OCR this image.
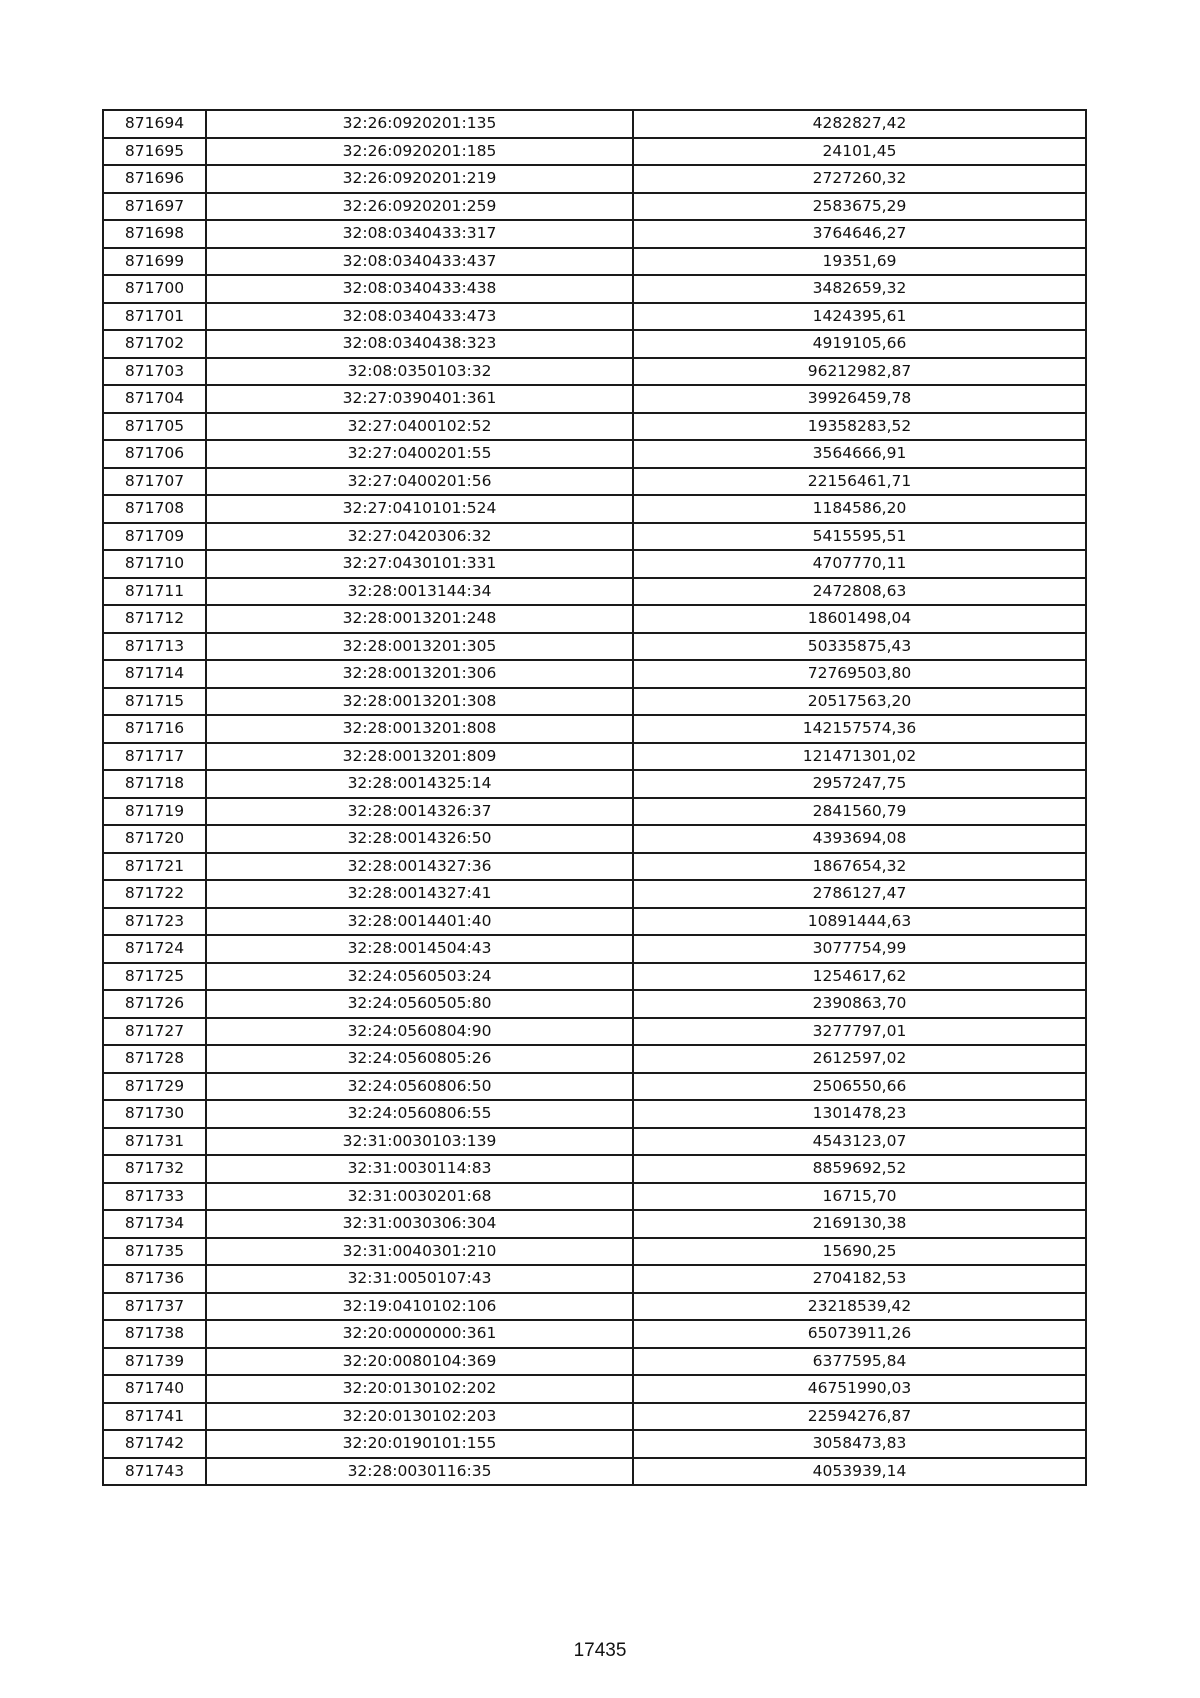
871694	32:26:0920201:135	4282827,42
871695	32:26:0920201:185	24101,45
871696	32:26:0920201:219	2727260,32
871697	32:26:0920201:259	2583675,29
871698	32:08:0340433:317	3764646,27
871699	32:08:0340433:437	19351,69
871700	32:08:0340433:438	3482659,32
871701	32:08:0340433:473	1424395,61
871702	32:08:0340438:323	4919105,66
871703	32:08:0350103:32	96212982,87
871704	32:27:0390401:361	39926459,78
871705	32:27:0400102:52	19358283,52
871706	32:27:0400201:55	3564666,91
871707	32:27:0400201:56	22156461,71
871708	32:27:0410101:524	1184586,20
871709	32:27:0420306:32	5415595,51
871710	32:27:0430101:331	4707770,11
871711	32:28:0013144:34	2472808,63
871712	32:28:0013201:248	18601498,04
871713	32:28:0013201:305	50335875,43
871714	32:28:0013201:306	72769503,80
871715	32:28:0013201:308	20517563,20
871716	32:28:0013201:808	142157574,36
871717	32:28:0013201:809	121471301,02
871718	32:28:0014325:14	2957247,75
871719	32:28:0014326:37	2841560,79
871720	32:28:0014326:50	4393694,08
871721	32:28:0014327:36	1867654,32
871722	32:28:0014327:41	2786127,47
871723	32:28:0014401:40	10891444,63
871724	32:28:0014504:43	3077754,99
871725	32:24:0560503:24	1254617,62
871726	32:24:0560505:80	2390863,70
871727	32:24:0560804:90	3277797,01
871728	32:24:0560805:26	2612597,02
871729	32:24:0560806:50	2506550,66
871730	32:24:0560806:55	1301478,23
871731	32:31:0030103:139	4543123,07
871732	32:31:0030114:83	8859692,52
871733	32:31:0030201:68	16715,70
871734	32:31:0030306:304	2169130,38
871735	32:31:0040301:210	15690,25
871736	32:31:0050107:43	2704182,53
871737	32:19:0410102:106	23218539,42
871738	32:20:0000000:361	65073911,26
871739	32:20:0080104:369	6377595,84
871740	32:20:0130102:202	46751990,03
871741	32:20:0130102:203	22594276,87
871742	32:20:0190101:155	3058473,83
871743	32:28:0030116:35	4053939,14
17435
